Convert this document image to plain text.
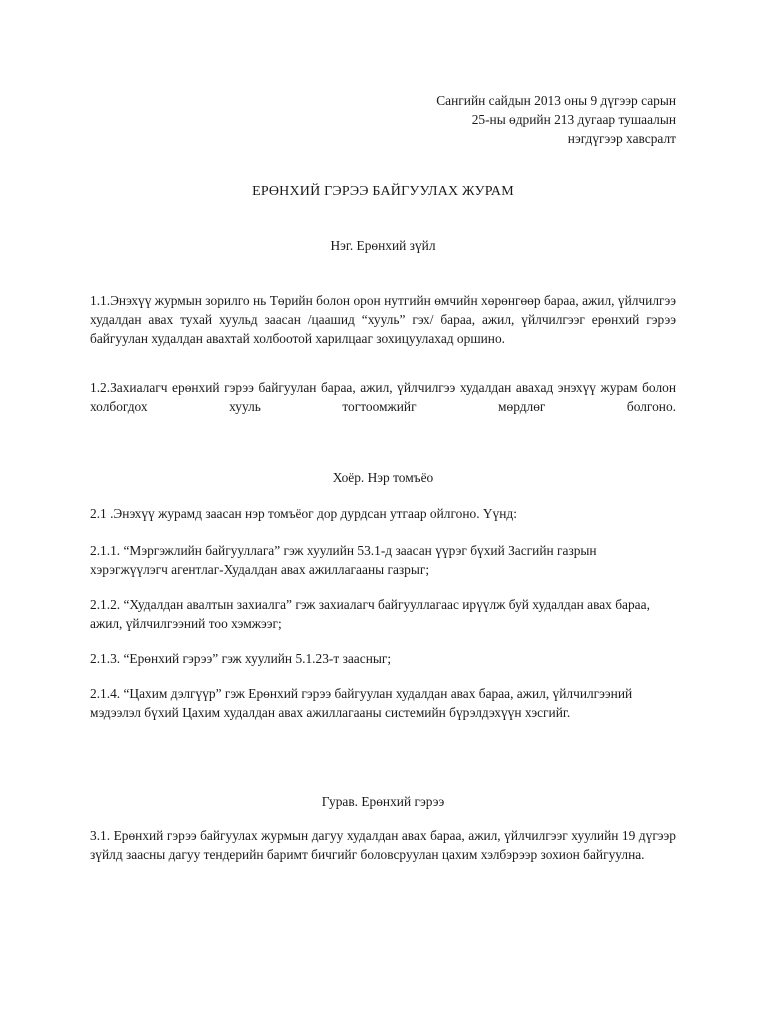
Сангийн сайдын 2013 оны 9 дүгээр сарын
25-ны өдрийн 213 дугаар тушаалын
нэгдүгээр хавсралт
ЕРӨНХИЙ ГЭРЭЭ БАЙГУУЛАХ ЖУРАМ
Нэг. Ерөнхий зүйл

1.1.Энэхүү журмын зорилго нь Төрийн болон орон нутгийн өмчийн хөрөнгөөр бараа, ажил, үйлчилгээ худалдан авах тухай хуульд заасан /цаашид “хууль” гэх/ бараа, ажил, үйлчилгээг ерөнхий гэрээ байгуулан худалдан авахтай холбоотой харилцааг зохицуулахад оршино.

1.2.Захиалагч ерөнхий гэрээ байгуулан бараа, ажил, үйлчилгээ худалдан авахад энэхүү журам болон холбогдох хууль тогтоомжийг мөрдлөг болгоно.

Хоёр. Нэр томъёо

2.1 .Энэхүү журамд заасан нэр томъёог дор дурдсан утгаар ойлгоно. Үүнд:

2.1.1. “Мэргэжлийн байгууллага” гэж хуулийн 53.1-д заасан үүрэг бүхий Засгийн газрын хэрэгжүүлэгч агентлаг-Худалдан авах ажиллагааны газрыг;

2.1.2. “Худалдан авалтын захиалга” гэж захиалагч байгууллагаас ирүүлж буй худалдан авах бараа, ажил, үйлчилгээний тоо хэмжээг;

2.1.3. “Ерөнхий гэрээ” гэж хуулийн 5.1.23-т заасныг;

2.1.4. “Цахим дэлгүүр” гэж Ерөнхий гэрээ байгуулан худалдан авах бараа, ажил, үйлчилгээний мэдээлэл бүхий Цахим худалдан авах ажиллагааны системийн бүрэлдэхүүн хэсгийг.

Гурав. Ерөнхий гэрээ

3.1. Ерөнхий гэрээ байгуулах журмын дагуу худалдан авах бараа, ажил, үйлчилгээг хуулийн 19 дүгээр зүйлд заасны дагуу тендерийн баримт бичгийг боловсруулан цахим хэлбэрээр зохион байгуулна.
